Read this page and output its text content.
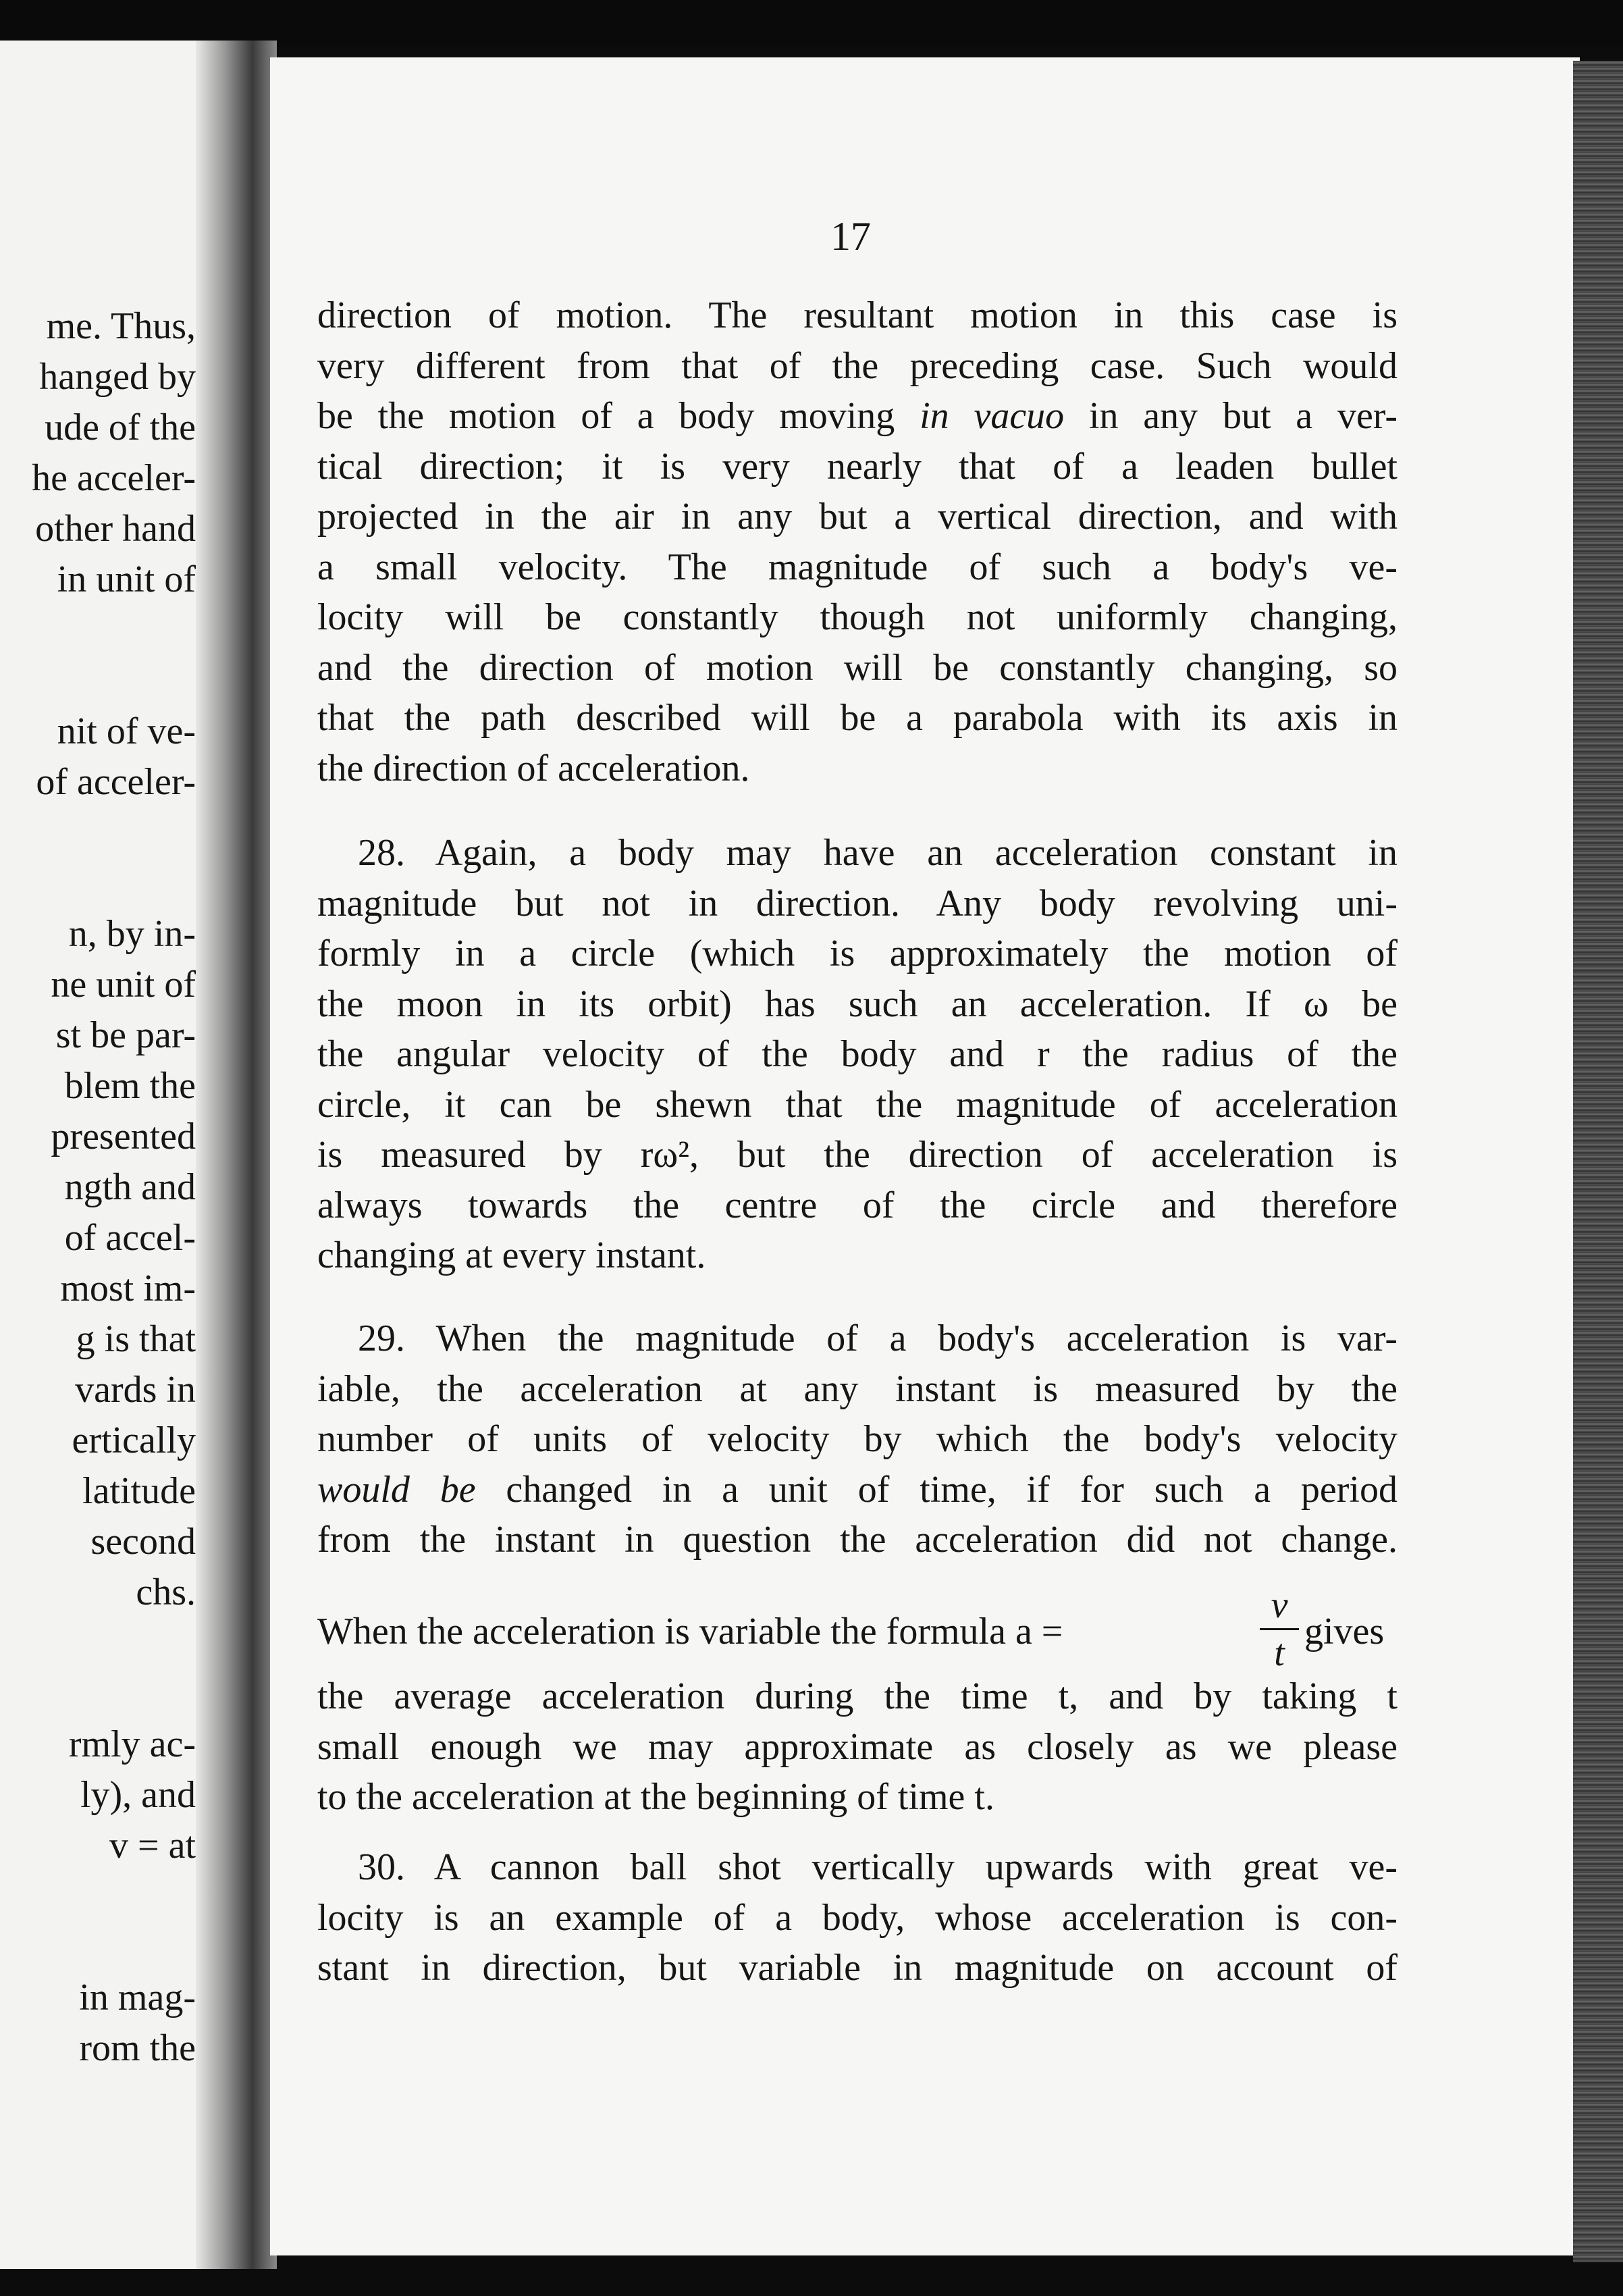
me. Thus,
hanged by
ude of the
he acceler-
other hand
in unit of
nit of ve-
of acceler-
n, by in-
ne unit of
st be par-
blem the
presented
ngth and
of accel-
most im-
g is that
vards in
ertically
latitude
second
chs.
rmly ac-
ly), and
v = at
in mag-
rom the
17
direction of motion. The resultant motion in this case is
very different from that of the preceding case. Such would
be the motion of a body moving in vacuo in any but a ver-
tical direction; it is very nearly that of a leaden bullet
projected in the air in any but a vertical direction, and with
a small velocity. The magnitude of such a body's ve-
locity will be constantly though not uniformly changing,
and the direction of motion will be constantly changing, so
that the path described will be a parabola with its axis in
the direction of acceleration.
28. Again, a body may have an acceleration constant in
magnitude but not in direction. Any body revolving uni-
formly in a circle (which is approximately the motion of
the moon in its orbit) has such an acceleration. If ω be
the angular velocity of the body and r the radius of the
circle, it can be shewn that the magnitude of acceleration
is measured by rω², but the direction of acceleration is
always towards the centre of the circle and therefore
changing at every instant.
29. When the magnitude of a body's acceleration is var-
iable, the acceleration at any instant is measured by the
number of units of velocity by which the body's velocity
would be changed in a unit of time, if for such a period
from the instant in question the acceleration did not change.
When the acceleration is variable the formula a =
v
t
gives
the average acceleration during the time t, and by taking t
small enough we may approximate as closely as we please
to the acceleration at the beginning of time t.
30. A cannon ball shot vertically upwards with great ve-
locity is an example of a body, whose acceleration is con-
stant in direction, but variable in magnitude on account of
